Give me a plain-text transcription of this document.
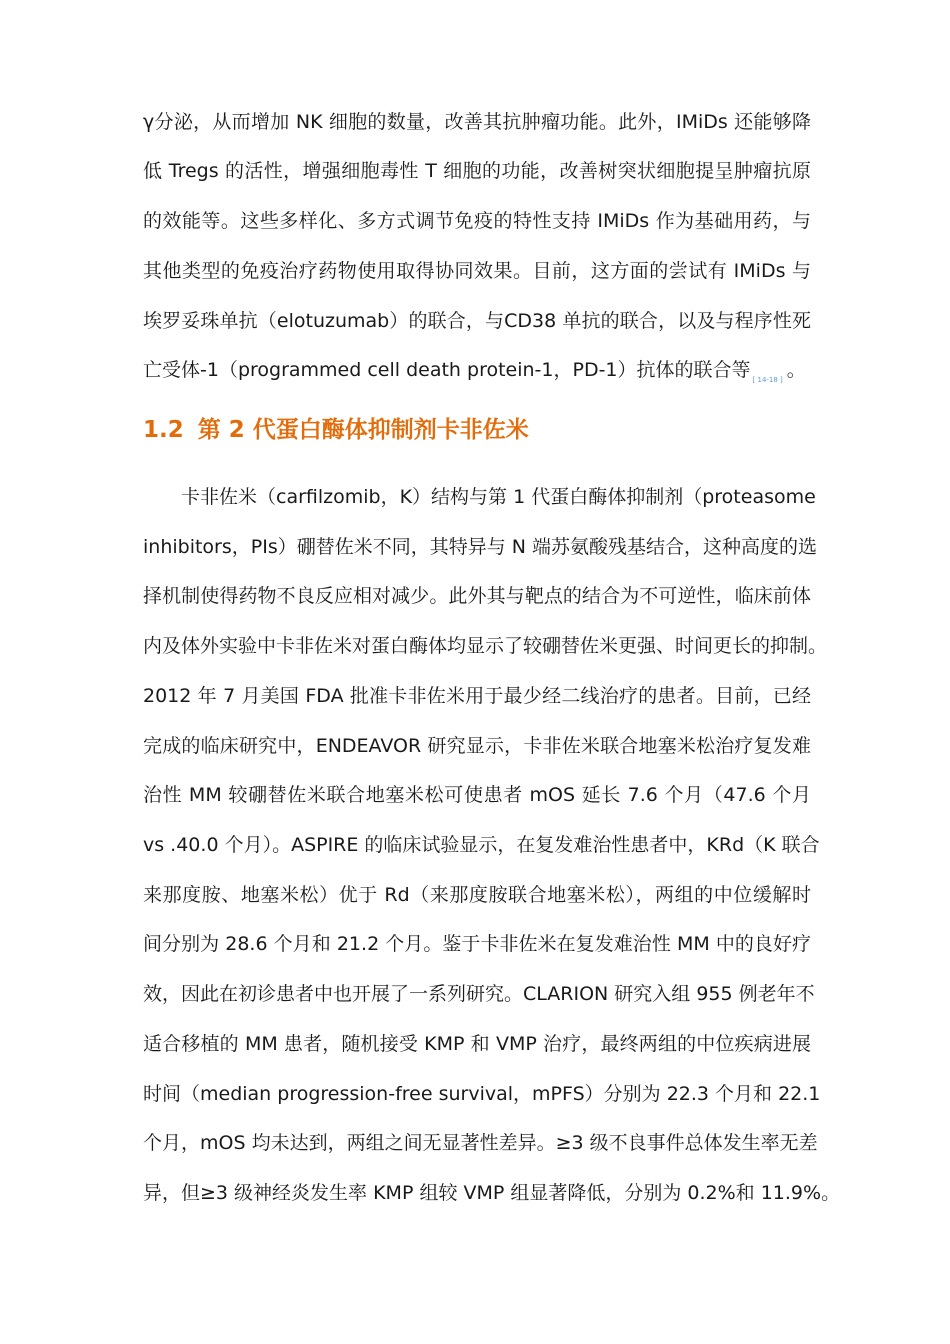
γ分泌，从而增加 NK 细胞的数量，改善其抗肿瘤功能。此外，IMiDs 还能够降
低 Tregs 的活性，增强细胞毒性 T 细胞的功能，改善树突状细胞提呈肿瘤抗原
的效能等。这些多样化、多方式调节免疫的特性支持 IMiDs 作为基础用药，与
其他类型的免疫治疗药物使用取得协同效果。目前，这方面的尝试有 IMiDs 与
埃罗妥珠单抗（elotuzumab）的联合，与CD38 单抗的联合，以及与程序性死
亡受体-1（programmed cell death protein-1，PD-1）抗体的联合等 $_{[ 14-18 ]}$ 。
1.2 第 2 代蛋白酶体抑制剂卡非佐米
卡非佐米（carfilzomib，K）结构与第 1 代蛋白酶体抑制剂（proteasome
inhibitors，PIs）硼替佐米不同，其特异与 N 端苏氨酸残基结合，这种高度的选
择机制使得药物不良反应相对减少。此外其与靶点的结合为不可逆性，临床前体
内及体外实验中卡非佐米对蛋白酶体均显示了较硼替佐米更强、时间更长的抑制。
2012 年 7 月美国 FDA 批准卡非佐米用于最少经二线治疗的患者。目前，已经
完成的临床研究中，ENDEAVOR 研究显示，卡非佐米联合地塞米松治疗复发难
治性 MM 较硼替佐米联合地塞米松可使患者 mOS 延长 7.6 个月（47.6 个月
vs .40.0 个月）。ASPIRE 的临床试验显示，在复发难治性患者中，KRd（K 联合
来那度胺、地塞米松）优于 Rd（来那度胺联合地塞米松），两组的中位缓解时
间分别为 28.6 个月和 21.2 个月。鉴于卡非佐米在复发难治性 MM 中的良好疗
效，因此在初诊患者中也开展了一系列研究。CLARION 研究入组 955 例老年不
适合移植的 MM 患者，随机接受 KMP 和 VMP 治疗，最终两组的中位疾病进展
时间（median progression-free survival，mPFS）分别为 22.3 个月和 22.1
个月，mOS 均未达到，两组之间无显著性差异。≥3 级不良事件总体发生率无差
异，但≥3 级神经炎发生率 KMP 组较 VMP 组显著降低，分别为 0.2%和 11.9%。
